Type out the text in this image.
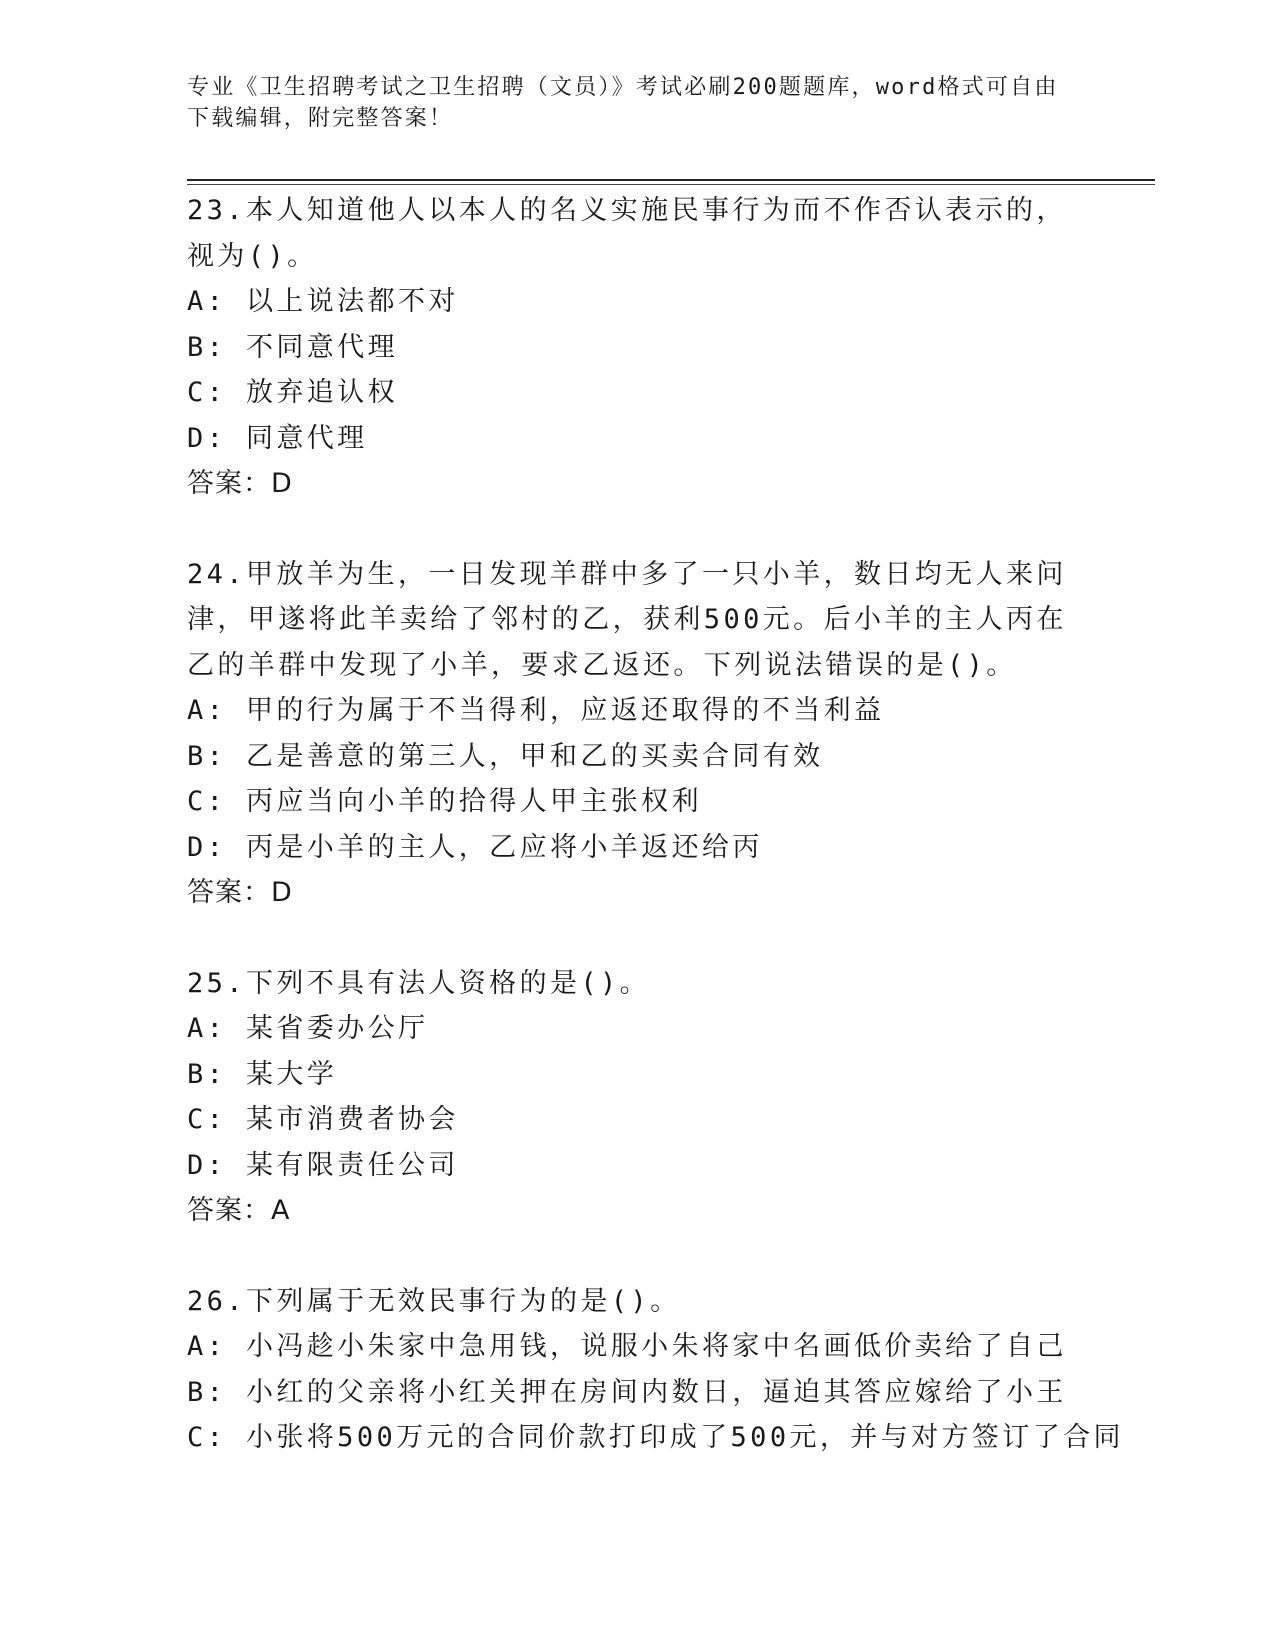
专业《卫生招聘考试之卫生招聘（文员）》考试必刷200题题库，word格式可自由下载编辑，附完整答案！

23.本人知道他人以本人的名义实施民事行为而不作否认表示的，视为()。

A: 以上说法都不对

B: 不同意代理

C: 放弃追认权

D: 同意代理

答案：D

24.甲放羊为生，一日发现羊群中多了一只小羊，数日均无人来问津，甲遂将此羊卖给了邻村的乙，获利500元。后小羊的主人丙在乙的羊群中发现了小羊，要求乙返还。下列说法错误的是()。

A: 甲的行为属于不当得利，应返还取得的不当利益

B: 乙是善意的第三人，甲和乙的买卖合同有效

C: 丙应当向小羊的拾得人甲主张权利

D: 丙是小羊的主人，乙应将小羊返还给丙

答案：D

25.下列不具有法人资格的是()。

A: 某省委办公厅

B: 某大学

C: 某市消费者协会

D: 某有限责任公司

答案：A

26.下列属于无效民事行为的是()。

A: 小冯趁小朱家中急用钱，说服小朱将家中名画低价卖给了自己

B: 小红的父亲将小红关押在房间内数日，逼迫其答应嫁给了小王

C: 小张将500万元的合同价款打印成了500元，并与对方签订了合同
